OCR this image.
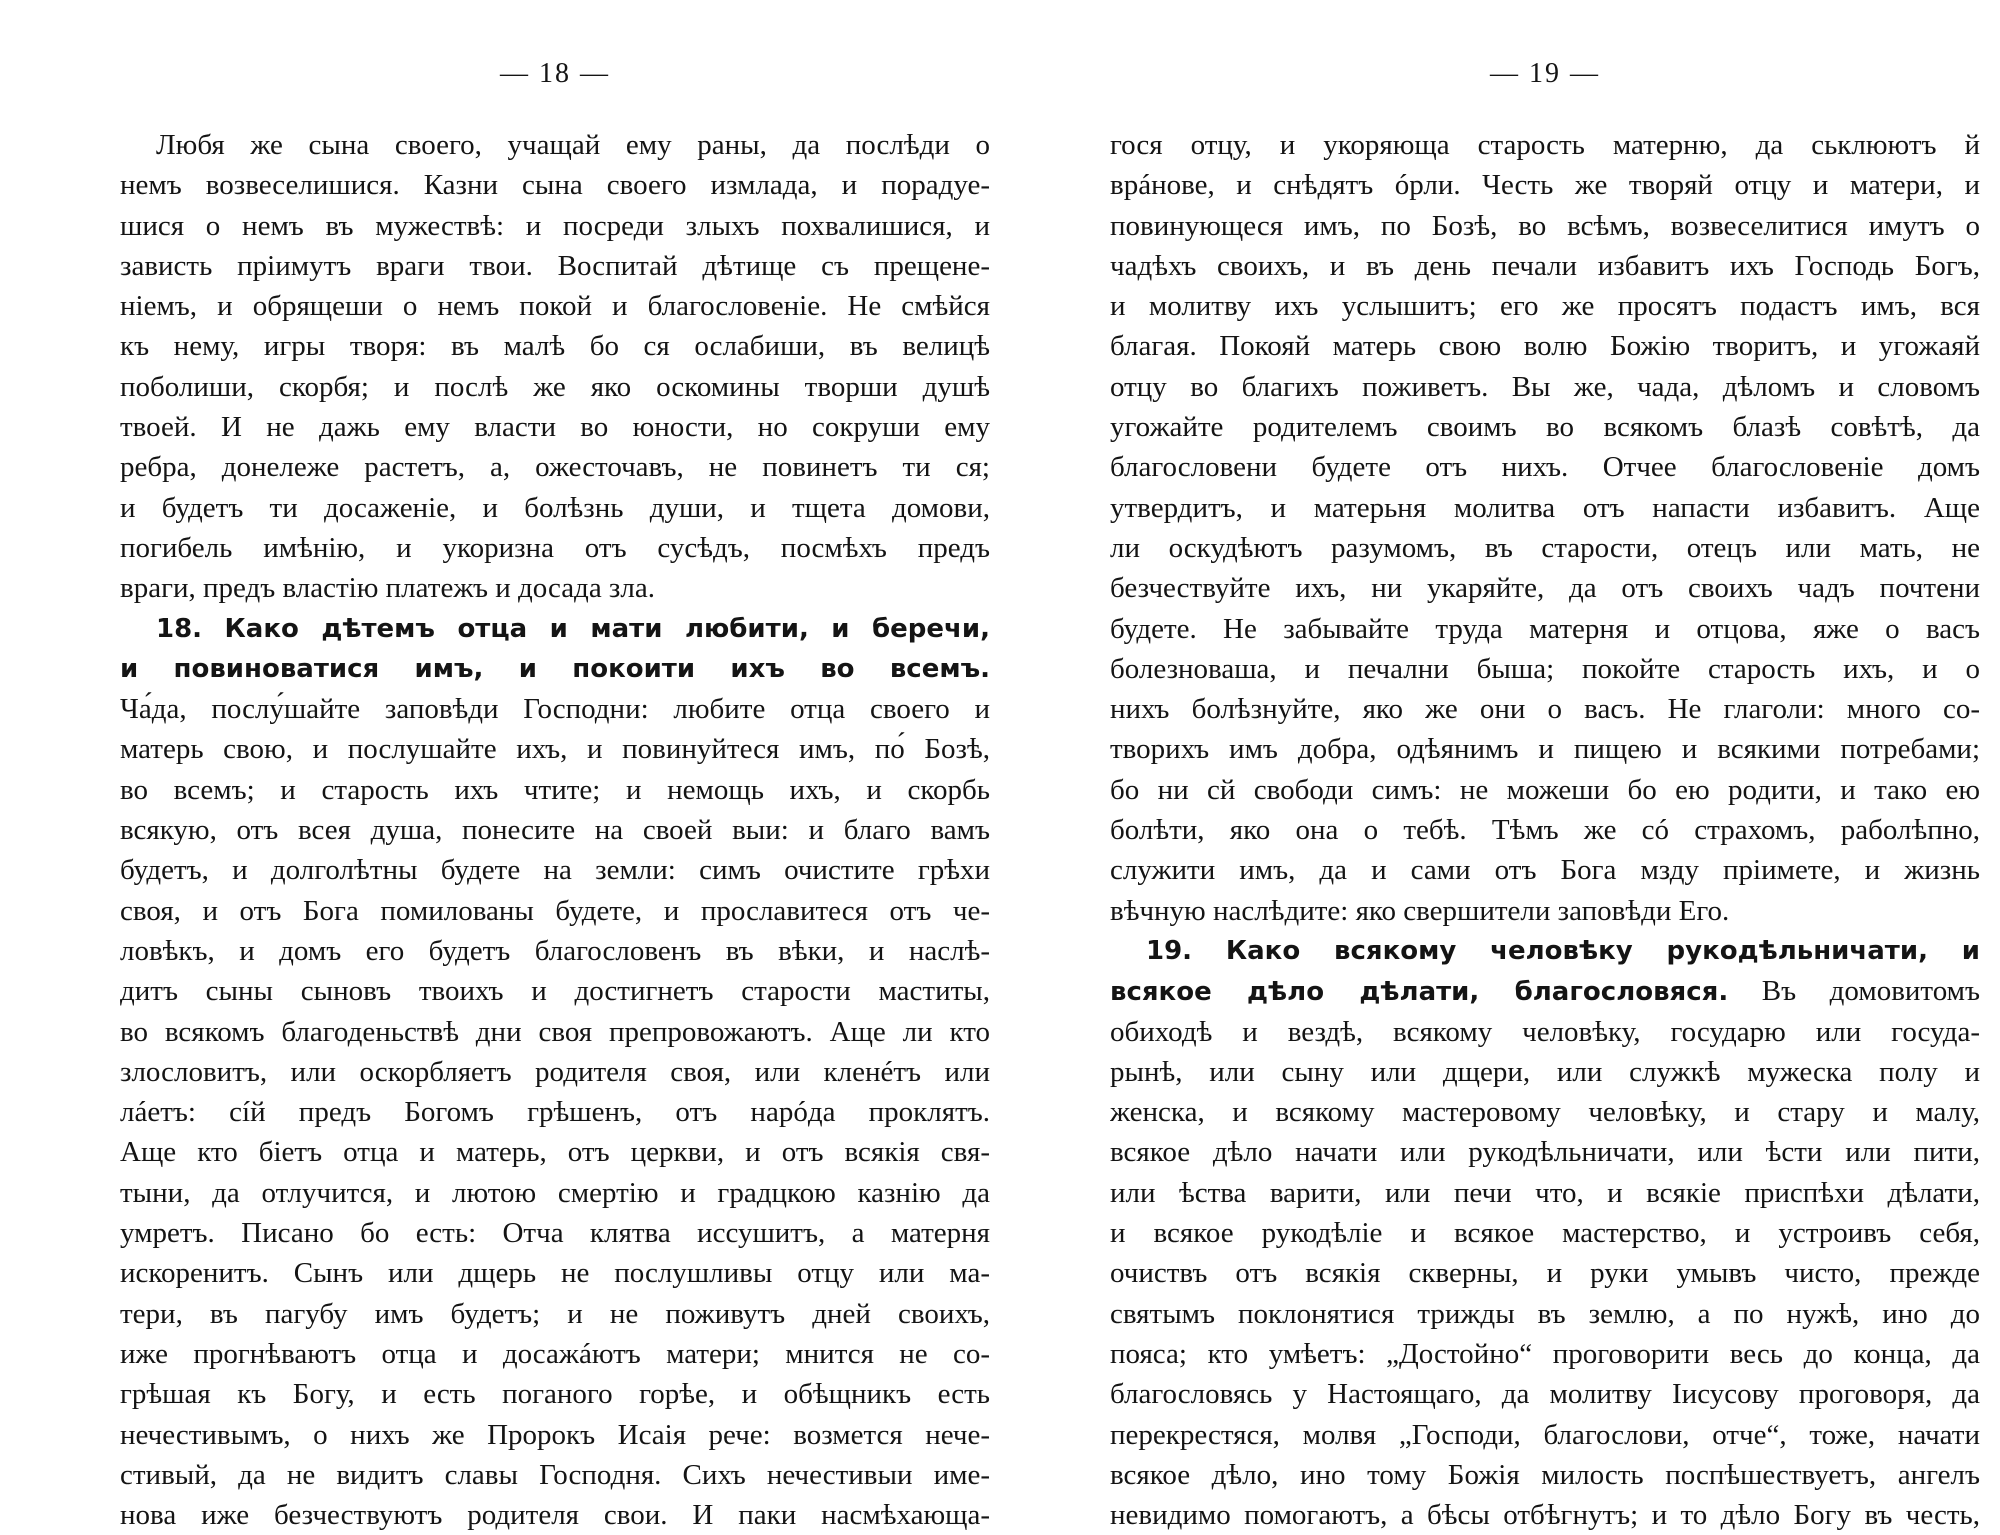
— 18 —
Любя же сына своего, учащай ему раны, да послѣди о
немъ возвеселишися. Казни сына своего измлада, и порадуе-
шися о немъ въ мужествѣ: и посреди злыхъ похвалишися, и
зависть пріимутъ враги твои. Воспитай дѣтище съ прещене-
ніемъ, и обрящеши о немъ покой и благословеніе. Не смѣйся
къ нему, игры творя: въ малѣ бо ся ослабиши, въ велицѣ
поболиши, скорбя; и послѣ же яко оскомины творши душѣ
твоей. И не дажь ему власти во юности, но сокруши ему
ребра, донележе растетъ, а, ожесточавъ, не повинетъ ти ся;
и будетъ ти досаженіе, и болѣзнь души, и тщета домови,
погибель имѣнію, и укоризна отъ сусѣдъ, посмѣхъ предъ
враги, предъ властію платежъ и досада зла.
18. Како дѣтемъ отца и мати любити, и беречи,
и повиноватися имъ, и покоити ихъ во всемъ.
Ча́да, послу́шайте заповѣди Господни: любите отца своего и
матерь свою, и послушайте ихъ, и повинуйтеся имъ, по́ Бозѣ,
во всемъ; и старость ихъ чтите; и немощь ихъ, и скорбь
всякую, отъ всея душа, понесите на своей выи: и благо вамъ
будетъ, и долголѣтны будете на земли: симъ очистите грѣхи
своя, и отъ Бога помилованы будете, и прославитеся отъ че-
ловѣкъ, и домъ его будетъ благословенъ въ вѣки, и наслѣ-
дитъ сыны сыновъ твоихъ и достигнетъ старости маститы,
во всякомъ благоденьствѣ дни своя препровожаютъ. Аще ли кто
злословитъ, или оскорбляетъ родителя своя, или кленéтъ или
лáетъ: сíй предъ Богомъ грѣшенъ, отъ нарóда проклятъ.
Аще кто біетъ отца и матерь, отъ церкви, и отъ всякія свя-
тыни, да отлучится, и лютою смертію и градцкою казнію да
умретъ. Писано бо есть: Отча клятва иссушитъ, а матерня
искоренитъ. Сынъ или дщерь не послушливы отцу или ма-
тери, въ пагубу имъ будетъ; и не поживутъ дней своихъ,
иже прогнѣваютъ отца и досажáютъ матери; мнится не со-
грѣшая къ Богу, и есть поганого горѣе, и обѣщникъ есть
нечестивымъ, о нихъ же Пророкъ Исаія рече: возмется нече-
стивый, да не видитъ славы Господня. Сихъ нечестивыи име-
нова иже безчествуютъ родителя свои. И паки насмѣхающа-
— 19 —
гося отцу, и укоряюща старость матерню, да ськлюютъ й
врáнове, и снѣдятъ óрли. Честь же творяй отцу и матери, и
повинующеся имъ, по Бозѣ, во всѣмъ, возвеселитися имутъ о
чадѣхъ своихъ, и въ день печали избавитъ ихъ Господь Богъ,
и молитву ихъ услышитъ; его же просятъ подастъ имъ, вся
благая. Покояй матерь свою волю Божію творитъ, и угожаяй
отцу во благихъ поживетъ. Вы же, чада, дѣломъ и словомъ
угожайте родителемъ своимъ во всякомъ блазѣ совѣтѣ, да
благословени будете отъ нихъ. Отчее благословеніе домъ
утвердитъ, и матерьня молитва отъ напасти избавитъ. Аще
ли оскудѣютъ разумомъ, въ старости, отецъ или мать, не
безчествуйте ихъ, ни укаряйте, да отъ своихъ чадъ почтени
будете. Не забывайте труда матерня и отцова, яже о васъ
болезноваша, и печални быша; покойте старость ихъ, и о
нихъ болѣзнуйте, яко же они о васъ. Не глаголи: много со-
творихъ имъ добра, одѣянимъ и пищею и всякими потребами;
бо ни сй свободи симъ: не можеши бо ею родити, и тако ею
болѣти, яко она о тебѣ. Тѣмъ же сó страхомъ, раболѣпно,
служити имъ, да и сами отъ Бога мзду пріимете, и жизнь
вѣчную наслѣдите: яко свершители заповѣди Его.
19. Како всякому человѣку рукодѣльничати, и
всякое дѣло дѣлати, благословяся. Въ домовитомъ
обиходѣ и вездѣ, всякому человѣку, государю или госуда-
рынѣ, или сыну или дщери, или служкѣ мужеска полу и
женска, и всякому мастеровому человѣку, и стару и малу,
всякое дѣло начати или рукодѣльничати, или ѣсти или пити,
или ѣства варити, или печи что, и всякіе приспѣхи дѣлати,
и всякое рукодѣліе и всякое мастерство, и устроивъ себя,
очиствъ отъ всякія скверны, и руки умывъ чисто, прежде
святымъ поклонятися трижды въ землю, а по нужѣ, ино до
пояса; кто умѣетъ: „Достойно“ проговорити весь до конца, да
благословясь у Настоящаго, да молитву Іисусову проговоря, да
перекрестяся, молвя „Господи, благослови, отче“, тоже, начати
всякое дѣло, ино тому Божія милость поспѣшествуетъ, ангелъ
невидимо помогаютъ, а бѣсы отбѣгнутъ; и то дѣло Богу въ честь,
